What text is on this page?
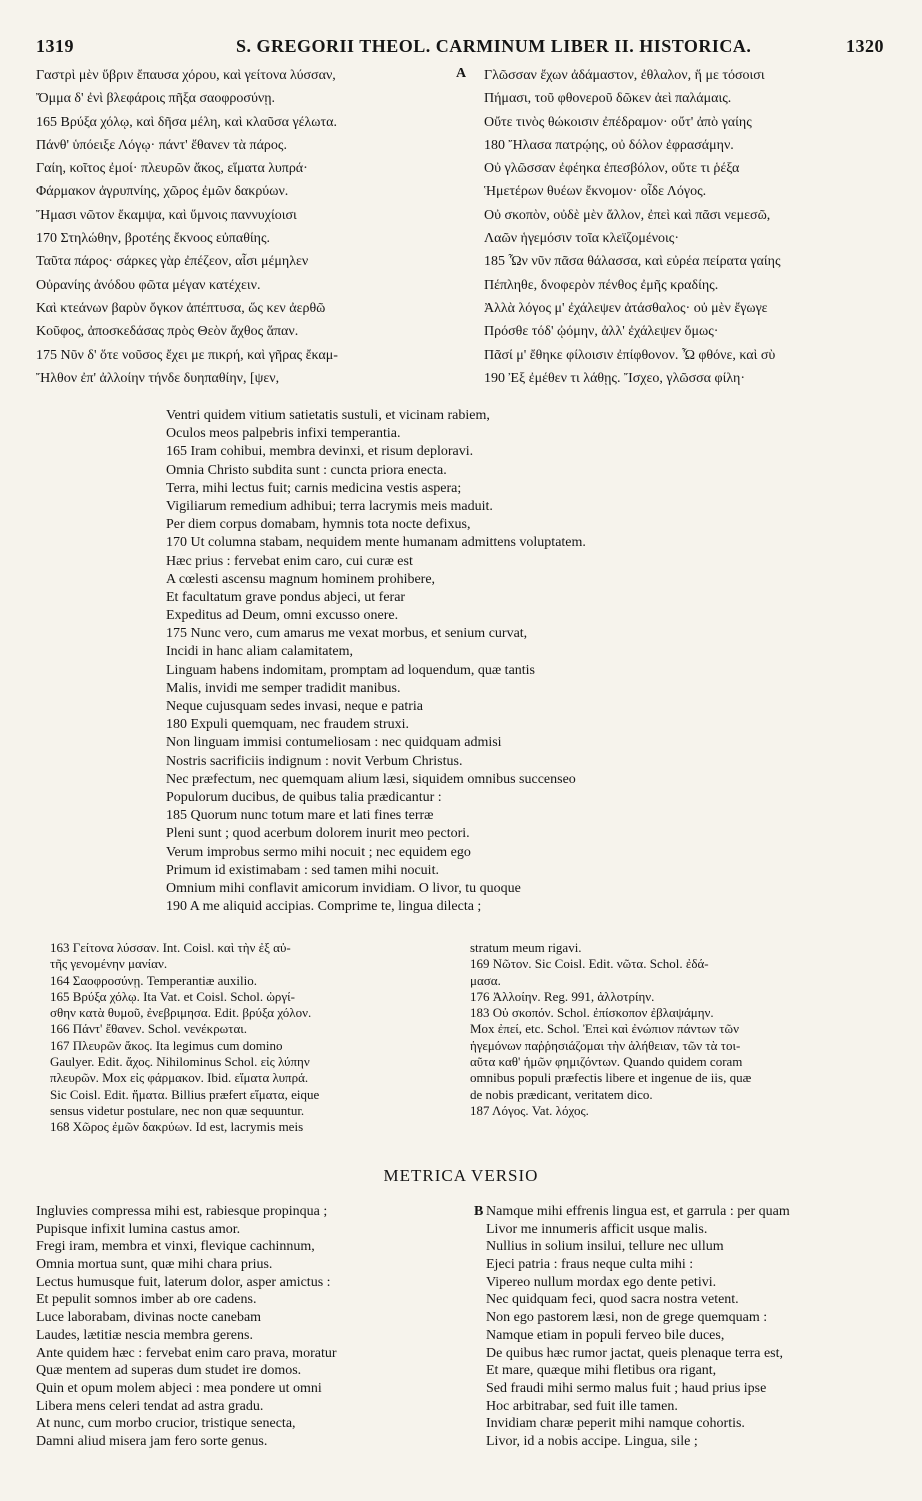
1319	S. GREGORII THEOL. CARMINUM LIBER II. HISTORICA.	1320
Γαστρὶ μὲν ὕβριν ἔπαυσα χόρου, καὶ γείτονα λύσσαν,
Ὄμμα δ' ἐνὶ βλεφάροις πῆξα σαοφροσύνῃ.
165 Βρύξα χόλῳ, καὶ δῆσα μέλη, καὶ κλαῦσα γέλωτα.
Πάνθ' ὑπόειξε Λόγῳ· πάντ' ἔθανεν τὰ πάρος.
Γαίη, κοῖτος ἐμοί· πλευρῶν ἄκος, εἵματα λυπρά·
Φάρμακον ἀγρυπνίης, χῶρος ἐμῶν δακρύων.
Ἤμασι νῶτον ἔκαμψα, καὶ ὕμνοις παννυχίοισι
170 Στηλώθην, βροτέης ἔκνοος εὐπαθίης.
Ταῦτα πάρος· σάρκες γὰρ ἐπέζεον, αἷσι μέμηλεν
Οὐρανίης ἀνόδου φῶτα μέγαν κατέχειν.
Καὶ κτεάνων βαρὺν ὄγκον ἀπέπτυσα, ὥς κεν ἀερθῶ
Κοῦφος, ἀποσκεδάσας πρὸς Θεὸν ἄχθος ἅπαν.
175 Νῦν δ' ὅτε νοῦσος ἔχει με πικρή, καὶ γῆρας ἔκαμ-
Ἤλθον ἐπ' ἀλλοίην τήνδε δυηπαθίην, [ψεν,
A Γλῶσσαν ἔχων ἀδάμαστον, ἐθλαλον, ἥ με τόσοισι
Πήμασι, τοῦ φθονεροῦ δῶκεν ἀεὶ παλάμαις.
Οὔτε τινὸς θώκοισιν ἐπέδραμον· οὔτ' ἀπὸ γαίης
180 Ἤλασα πατρῴης, οὐ δόλον ἐφρασάμην.
Οὐ γλῶσσαν ἐφέηκα ἐπεσβόλον, οὔτε τι ῥέξα
Ἡμετέρων θυέων ἔκνομον· οἶδε Λόγος.
Οὐ σκοπὸν, οὐδὲ μὲν ἄλλον, ἐπεὶ καὶ πᾶσι νεμεσῶ,
Λαῶν ἡγεμόσιν τοῖα κλεϊζομένοις·
185 Ὧν νῦν πᾶσα θάλασσα, καὶ εὐρέα πείρατα γαίης
Πέπληθε, δνοφερὸν πένθος ἐμῆς κραδίης.
Ἀλλὰ λόγος μ' ἐχάλεψεν ἀτάσθαλος· οὐ μὲν ἔγωγε
Πρόσθε τόδ' ᾠόμην, ἀλλ' ἐχάλεψεν ὅμως·
Πᾶσί μ' ἔθηκε φίλοισιν ἐπίφθονον. Ὦ φθόνε, καὶ σὺ
190 Ἐξ ἐμέθεν τι λάθῃς. Ἴσχεο, γλῶσσα φίλη·
Ventri quidem vitium satietatis sustuli, et vicinam rabiem,
Oculos meos palpebris infixi temperantia.
165 Iram cohibui, membra devinxi, et risum deploravi.
Omnia Christo subdita sunt : cuncta priora enecta.
Terra, mihi lectus fuit; carnis medicina vestis aspera;
Vigiliarum remedium adhibui; terra lacrymis meis maduit.
Per diem corpus domabam, hymnis tota nocte defixus,
170 Ut columna stabam, nequidem mente humanam admittens voluptatem.
Hæc prius : fervebat enim caro, cui curæ est
A cœlesti ascensu magnum hominem prohibere,
Et facultatum grave pondus abjeci, ut ferar
Expeditus ad Deum, omni excusso onere.
175 Nunc vero, cum amarus me vexat morbus, et senium curvat,
Incidi in hanc aliam calamitatem,
Linguam habens indomitam, promptam ad loquendum, quæ tantis
Malis, invidi me semper tradidit manibus.
Neque cujusquam sedes invasi, neque e patria
180 Expuli quemquam, nec fraudem struxi.
Non linguam immisi contumeliosam : nec quidquam admisi
Nostris sacrificiis indignum : novit Verbum Christus.
Nec præfectum, nec quemquam alium læsi, siquidem omnibus succenseo
Populorum ducibus, de quibus talia prædicantur :
185 Quorum nunc totum mare et lati fines terræ
Pleni sunt ; quod acerbum dolorem inurit meo pectori.
Verum improbus sermo mihi nocuit ; nec equidem ego
Primum id existimabam : sed tamen mihi nocuit.
Omnium mihi conflavit amicorum invidiam. O livor, tu quoque
190 A me aliquid accipias. Comprime te, lingua dilecta ;
163 Γείτονα λύσσαν. Int. Coisl. καὶ τὴν ἐξ αὐ-
τῆς γενομένην μανίαν.
164 Σαοφροσύνῃ. Temperantiæ auxilio.
165 Βρύξα χόλῳ. Ita Vat. et Coisl. Schol. ὠργί-
σθην κατὰ θυμοῦ, ἐνεβριμησα. Edit. βρύξα χόλον.
166 Πάντ' ἔθανεν. Schol. νενέκρωται.
167 Πλευρῶν ἄκος. Ita legimus cum domino
Gaulyer. Edit. ἄχος. Nihilominus Schol. εἰς λύπην
πλευρῶν. Mox εἰς φάρμακον. Ibid. εἵματα λυπρά.
Sic Coisl. Edit. ἥματα. Billius præfert εἵματα, eique
sensus videtur postulare, nec non quæ sequuntur.
168 Χῶρος ἐμῶν δακρύων. Id est, lacrymis meis
stratum meum rigavi.
169 Νῶτον. Sic Coisl. Edit. νῶτα. Schol. ἐδά-
μασα.
176 Ἀλλοίην. Reg. 991, ἀλλοτρίην.
183 Οὐ σκοπόν. Schol. ἐπίσκοπον ἐβλαψάμην.
Mox ἐπεί, etc. Schol. Ἐπεὶ καὶ ἐνώπιον πάντων τῶν
ἡγεμόνων παῤῥησιάζομαι τὴν ἀλήθειαν, τῶν τὰ τοι-
αῦτα καθ' ἡμῶν φημιζόντων. Quando quidem coram
omnibus populi præfectis libere et ingenue de iis, quæ
de nobis prædicant, veritatem dico.
187 Λόγος. Vat. λόχος.
METRICA VERSIO
Ingluvies compressa mihi est, rabiesque propinqua ;
Pupisque infixit lumina castus amor.
Fregi iram, membra et vinxi, flevique cachinnum,
Omnia mortua sunt, quæ mihi chara prius.
Lectus humusque fuit, laterum dolor, asper amictus :
Et pepulit somnos imber ab ore cadens.
Luce laborabam, divinas nocte canebam
Laudes, lætitiæ nescia membra gerens.
Ante quidem hæc : fervebat enim caro prava, moratur
Quæ mentem ad superas dum studet ire domos.
Quin et opum molem abjeci : mea pondere ut omni
Libera mens celeri tendat ad astra gradu.
At nunc, cum morbo crucior, tristique senecta,
Damni aliud misera jam fero sorte genus.
B Namque mihi effrenis lingua est, et garrula : per quam
Livor me innumeris afficit usque malis.
Nullius in solium insilui, tellure nec ullum
Ejeci patria : fraus neque culta mihi :
Vipereo nullum mordax ego dente petivi.
Nec quidquam feci, quod sacra nostra vetent.
Non ego pastorem læsi, non de grege quemquam :
Namque etiam in populi ferveo bile duces,
De quibus hæc rumor jactat, queis plenaque terra est,
Et mare, quæque mihi fletibus ora rigant,
Sed fraudi mihi sermo malus fuit ; haud prius ipse
Hoc arbitrabar, sed fuit ille tamen.
Invidiam charæ peperit mihi namque cohortis.
Livor, id a nobis accipe. Lingua, sile ;
